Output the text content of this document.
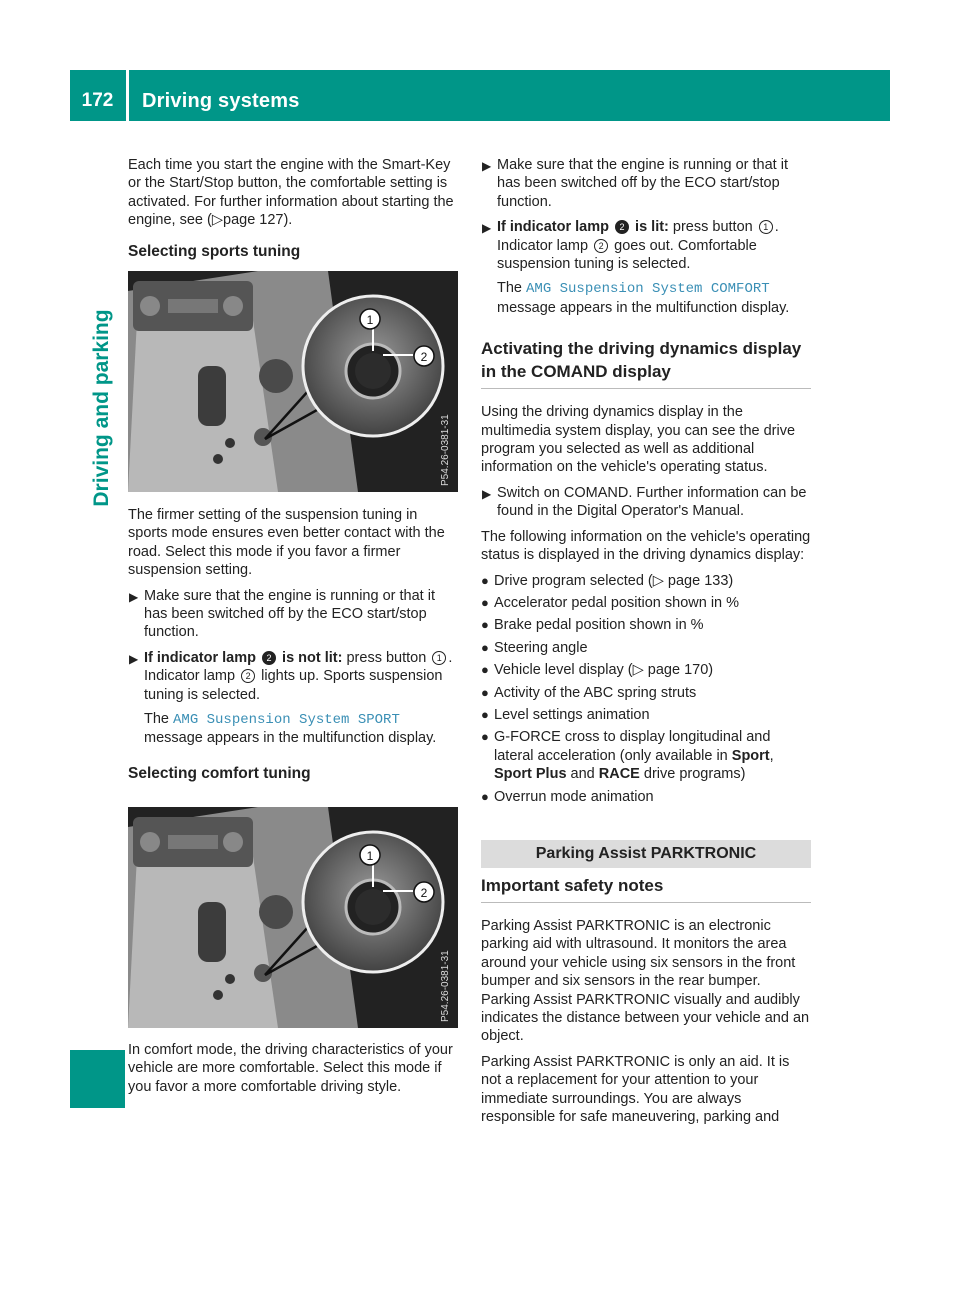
172	Driving systems
Driving and parking

Each time you start the engine with the Smart-Key or the Start/Stop button, the comfortable setting is activated. For further information about starting the engine, see (▷page 127).

Selecting sports tuning
1
2
P54.26-0381-31

The firmer setting of the suspension tuning in sports mode ensures even better contact with the road. Select this mode if you favor a firmer suspension setting.

▶ Make sure that the engine is running or that it has been switched off by the ECO start/stop function.
▶ If indicator lamp 2 is not lit: press button 1 .
Indicator lamp 2 lights up. Sports suspension tuning is selected.

The AMG Suspension System SPORT message appears in the multifunction display.

Selecting comfort tuning
1
2
P54.26-0381-31

In comfort mode, the driving characteristics of your vehicle are more comfortable. Select this mode if you favor a more comfortable driving style.

▶ Make sure that the engine is running or that it has been switched off by the ECO start/stop function.
▶ If indicator lamp 2 is lit: press button 1 .
Indicator lamp 2 goes out. Comfortable suspension tuning is selected.

The AMG Suspension System COMFORT message appears in the multifunction display.

Activating the driving dynamics display in the COMAND display

Using the driving dynamics display in the multimedia system display, you can see the drive program you selected as well as additional information on the vehicle's operating status.

▶ Switch on COMAND. Further information can be found in the Digital Operator's Manual.

The following information on the vehicle's operating status is displayed in the driving dynamics display:

● Drive program selected (▷ page 133)
● Accelerator pedal position shown in %
● Brake pedal position shown in %
● Steering angle
● Vehicle level display (▷ page 170)
● Activity of the ABC spring struts
● Level settings animation
● G-FORCE cross to display longitudinal and lateral acceleration (only available in Sport,
Sport Plus and RACE drive programs)
● Overrun mode animation
Parking Assist PARKTRONIC
Important safety notes

Parking Assist PARKTRONIC is an electronic parking aid with ultrasound. It monitors the area around your vehicle using six sensors in the front bumper and six sensors in the rear bumper. Parking Assist PARKTRONIC visually and audibly indicates the distance between your vehicle and an object.

Parking Assist PARKTRONIC is only an aid. It is not a replacement for your attention to your immediate surroundings. You are always responsible for safe maneuvering, parking and
